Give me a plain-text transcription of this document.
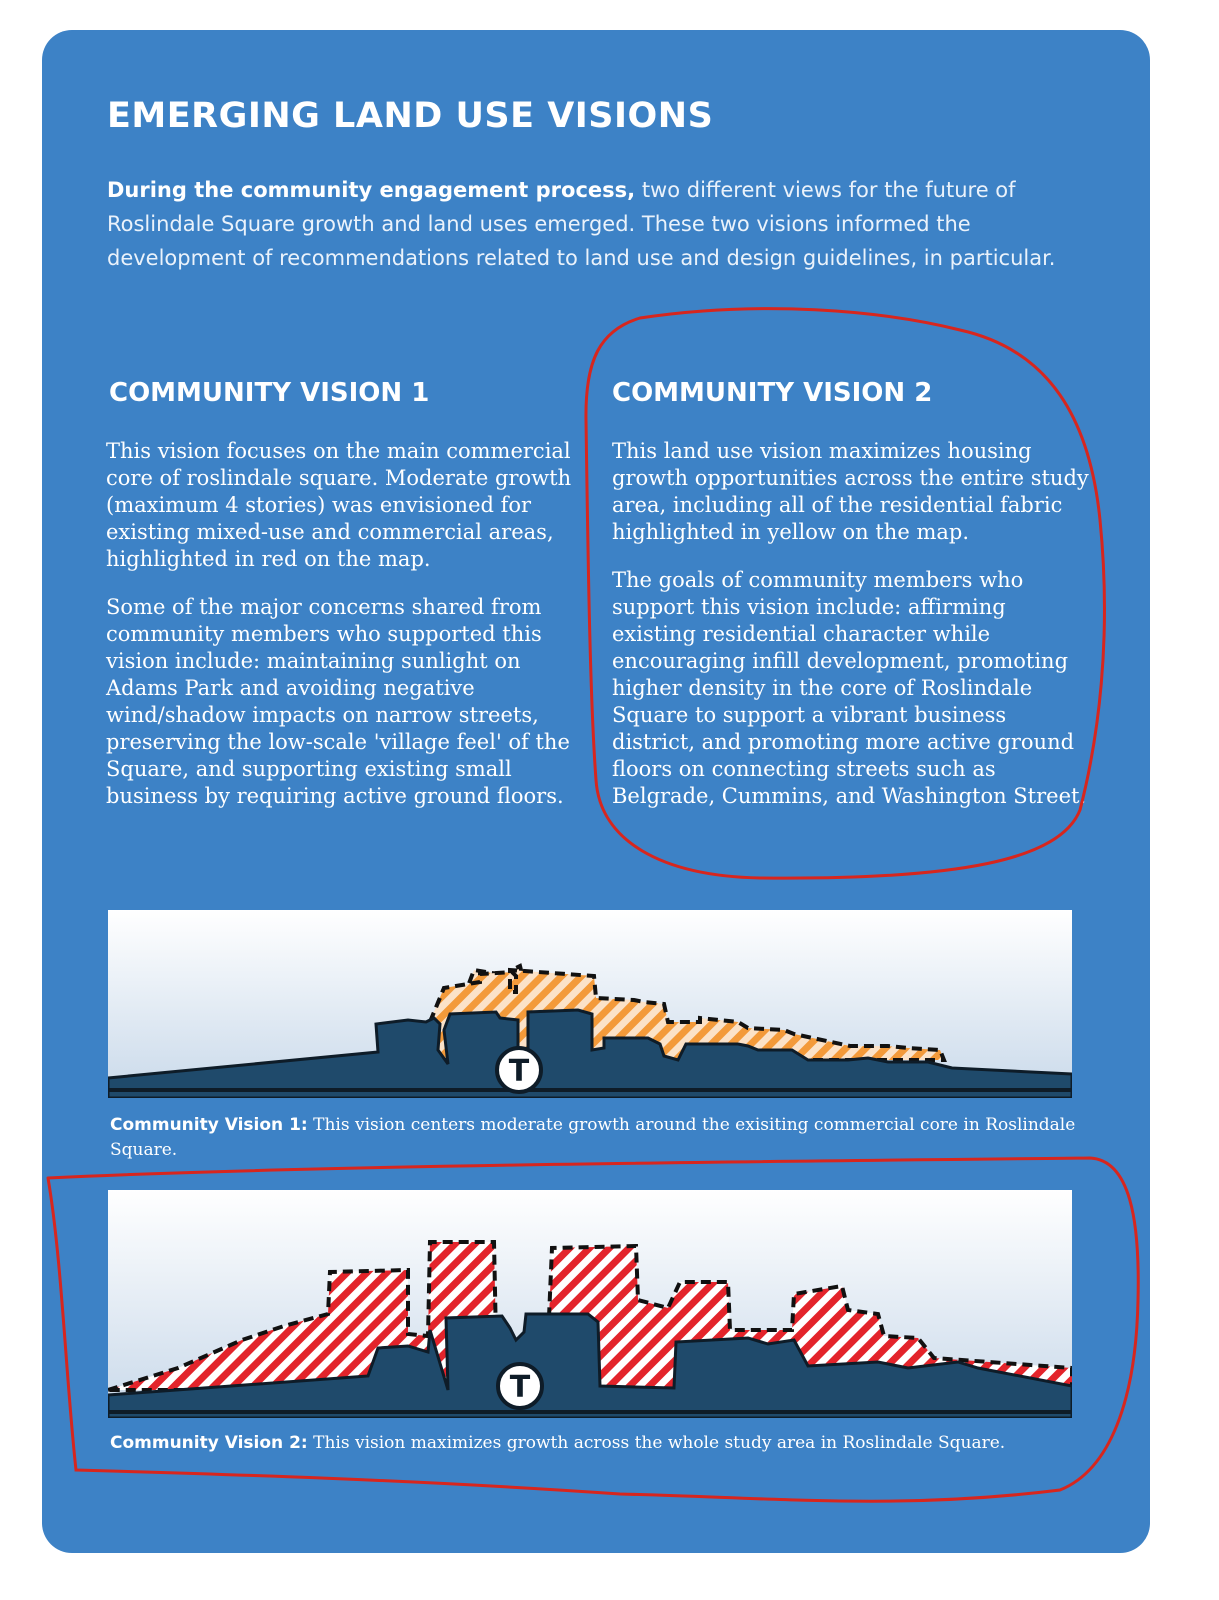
EMERGING LAND USE VISIONS

During the community engagement process, two different views for the future of Roslindale Square growth and land uses emerged. These two visions informed the development of recommendations related to land use and design guidelines, in particular.

COMMUNITY VISION 1

This vision focuses on the main commercial core of roslindale square. Moderate growth (maximum 4 stories) was envisioned for existing mixed-use and commercial areas, highlighted in red on the map.

Some of the major concerns shared from community members who supported this vision include: maintaining sunlight on Adams Park and avoiding negative wind/shadow impacts on narrow streets, preserving the low-scale 'village feel' of the Square, and supporting existing small business by requiring active ground floors.

COMMUNITY VISION 2

This land use vision maximizes housing growth opportunities across the entire study area, including all of the residential fabric highlighted in yellow on the map.

The goals of community members who support this vision include: affirming existing residential character while encouraging infill development, promoting higher density in the core of Roslindale Square to support a vibrant business district, and promoting more active ground floors on connecting streets such as Belgrade, Cummins, and Washington Street.

T

Community Vision 1: This vision centers moderate growth around the exisiting commercial core in Roslindale Square.

T

Community Vision 2: This vision maximizes growth across the whole study area in Roslindale Square.
